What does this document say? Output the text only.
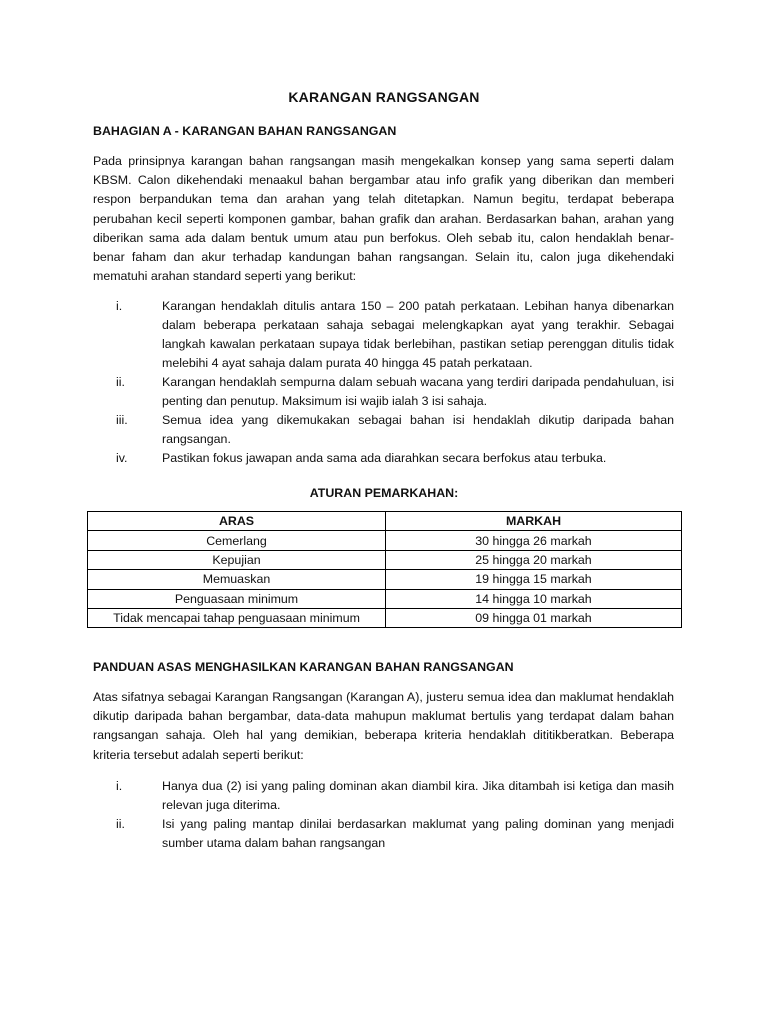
KARANGAN RANGSANGAN
BAHAGIAN A - KARANGAN BAHAN RANGSANGAN

Pada prinsipnya karangan bahan rangsangan masih mengekalkan konsep yang sama seperti dalam KBSM. Calon dikehendaki menaakul bahan bergambar atau info grafik yang diberikan dan memberi respon berpandukan tema dan arahan yang telah ditetapkan. Namun begitu, terdapat beberapa perubahan kecil seperti komponen gambar, bahan grafik dan arahan. Berdasarkan bahan, arahan yang diberikan sama ada dalam bentuk umum atau pun berfokus. Oleh sebab itu, calon hendaklah benar-benar faham dan akur terhadap kandungan bahan rangsangan. Selain itu, calon juga dikehendaki mematuhi arahan standard seperti yang berikut:

i.	Karangan hendaklah ditulis antara 150 – 200 patah perkataan. Lebihan hanya dibenarkan dalam beberapa perkataan sahaja sebagai melengkapkan ayat yang terakhir. Sebagai langkah kawalan perkataan supaya tidak berlebihan, pastikan setiap perenggan ditulis tidak melebihi 4 ayat sahaja dalam purata 40 hingga 45 patah perkataan.
ii.	Karangan hendaklah sempurna dalam sebuah wacana yang terdiri daripada pendahuluan, isi penting dan penutup. Maksimum isi wajib ialah 3 isi sahaja.
iii.	Semua idea yang dikemukakan sebagai bahan isi hendaklah dikutip daripada bahan rangsangan.
iv.	Pastikan fokus jawapan anda sama ada diarahkan secara berfokus atau terbuka.
ATURAN PEMARKAHAN:
ARAS	MARKAH
Cemerlang	30 hingga 26 markah
Kepujian	25 hingga 20 markah
Memuaskan	19 hingga 15 markah
Penguasaan minimum	14 hingga 10 markah
Tidak mencapai tahap penguasaan minimum	09 hingga 01 markah
PANDUAN ASAS MENGHASILKAN KARANGAN BAHAN RANGSANGAN

Atas sifatnya sebagai Karangan Rangsangan (Karangan A), justeru semua idea dan maklumat hendaklah dikutip daripada bahan bergambar, data-data mahupun maklumat bertulis yang terdapat dalam bahan rangsangan sahaja. Oleh hal yang demikian, beberapa kriteria hendaklah dititikberatkan. Beberapa kriteria tersebut adalah seperti berikut:

i.	Hanya dua (2) isi yang paling dominan akan diambil kira. Jika ditambah isi ketiga dan masih relevan juga diterima.
ii.	Isi yang paling mantap dinilai berdasarkan maklumat yang paling dominan yang menjadi sumber utama dalam bahan rangsangan
